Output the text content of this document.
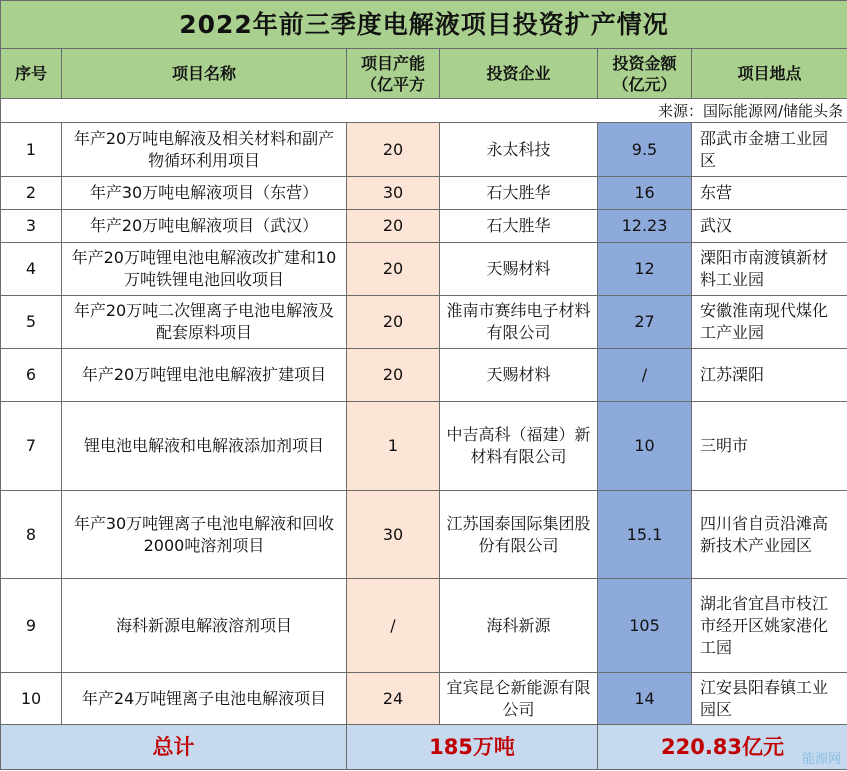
2022年前三季度电解液项目投资扩产情况					
序号	项目名称	项目产能（亿平方	投资企业	投资金额（亿元）	项目地点
来源：国际能源网/储能头条					
1	年产20万吨电解液及相关材料和副产物循环利用项目	20	永太科技	9.5	邵武市金塘工业园区
2	年产30万吨电解液项目（东营）	30	石大胜华	16	东营
3	年产20万吨电解液项目（武汉）	20	石大胜华	12.23	武汉
4	年产20万吨锂电池电解液改扩建和10万吨铁锂电池回收项目	20	天赐材料	12	溧阳市南渡镇新材料工业园
5	年产20万吨二次锂离子电池电解液及配套原料项目	20	淮南市赛纬电子材料有限公司	27	安徽淮南现代煤化工产业园
6	年产20万吨锂电池电解液扩建项目	20	天赐材料	/	江苏溧阳
7	锂电池电解液和电解液添加剂项目	1	中吉高科（福建）新材料有限公司	10	三明市
8	年产30万吨锂离子电池电解液和回收2000吨溶剂项目	30	江苏国泰国际集团股份有限公司	15.1	四川省自贡沿滩高新技术产业园区
9	海科新源电解液溶剂项目	/	海科新源	105	湖北省宜昌市枝江市经开区姚家港化工园
10	年产24万吨锂离子电池电解液项目	24	宜宾昆仑新能源有限公司	14	江安县阳春镇工业园区
总计		185万吨		220.83亿元	
能源网
